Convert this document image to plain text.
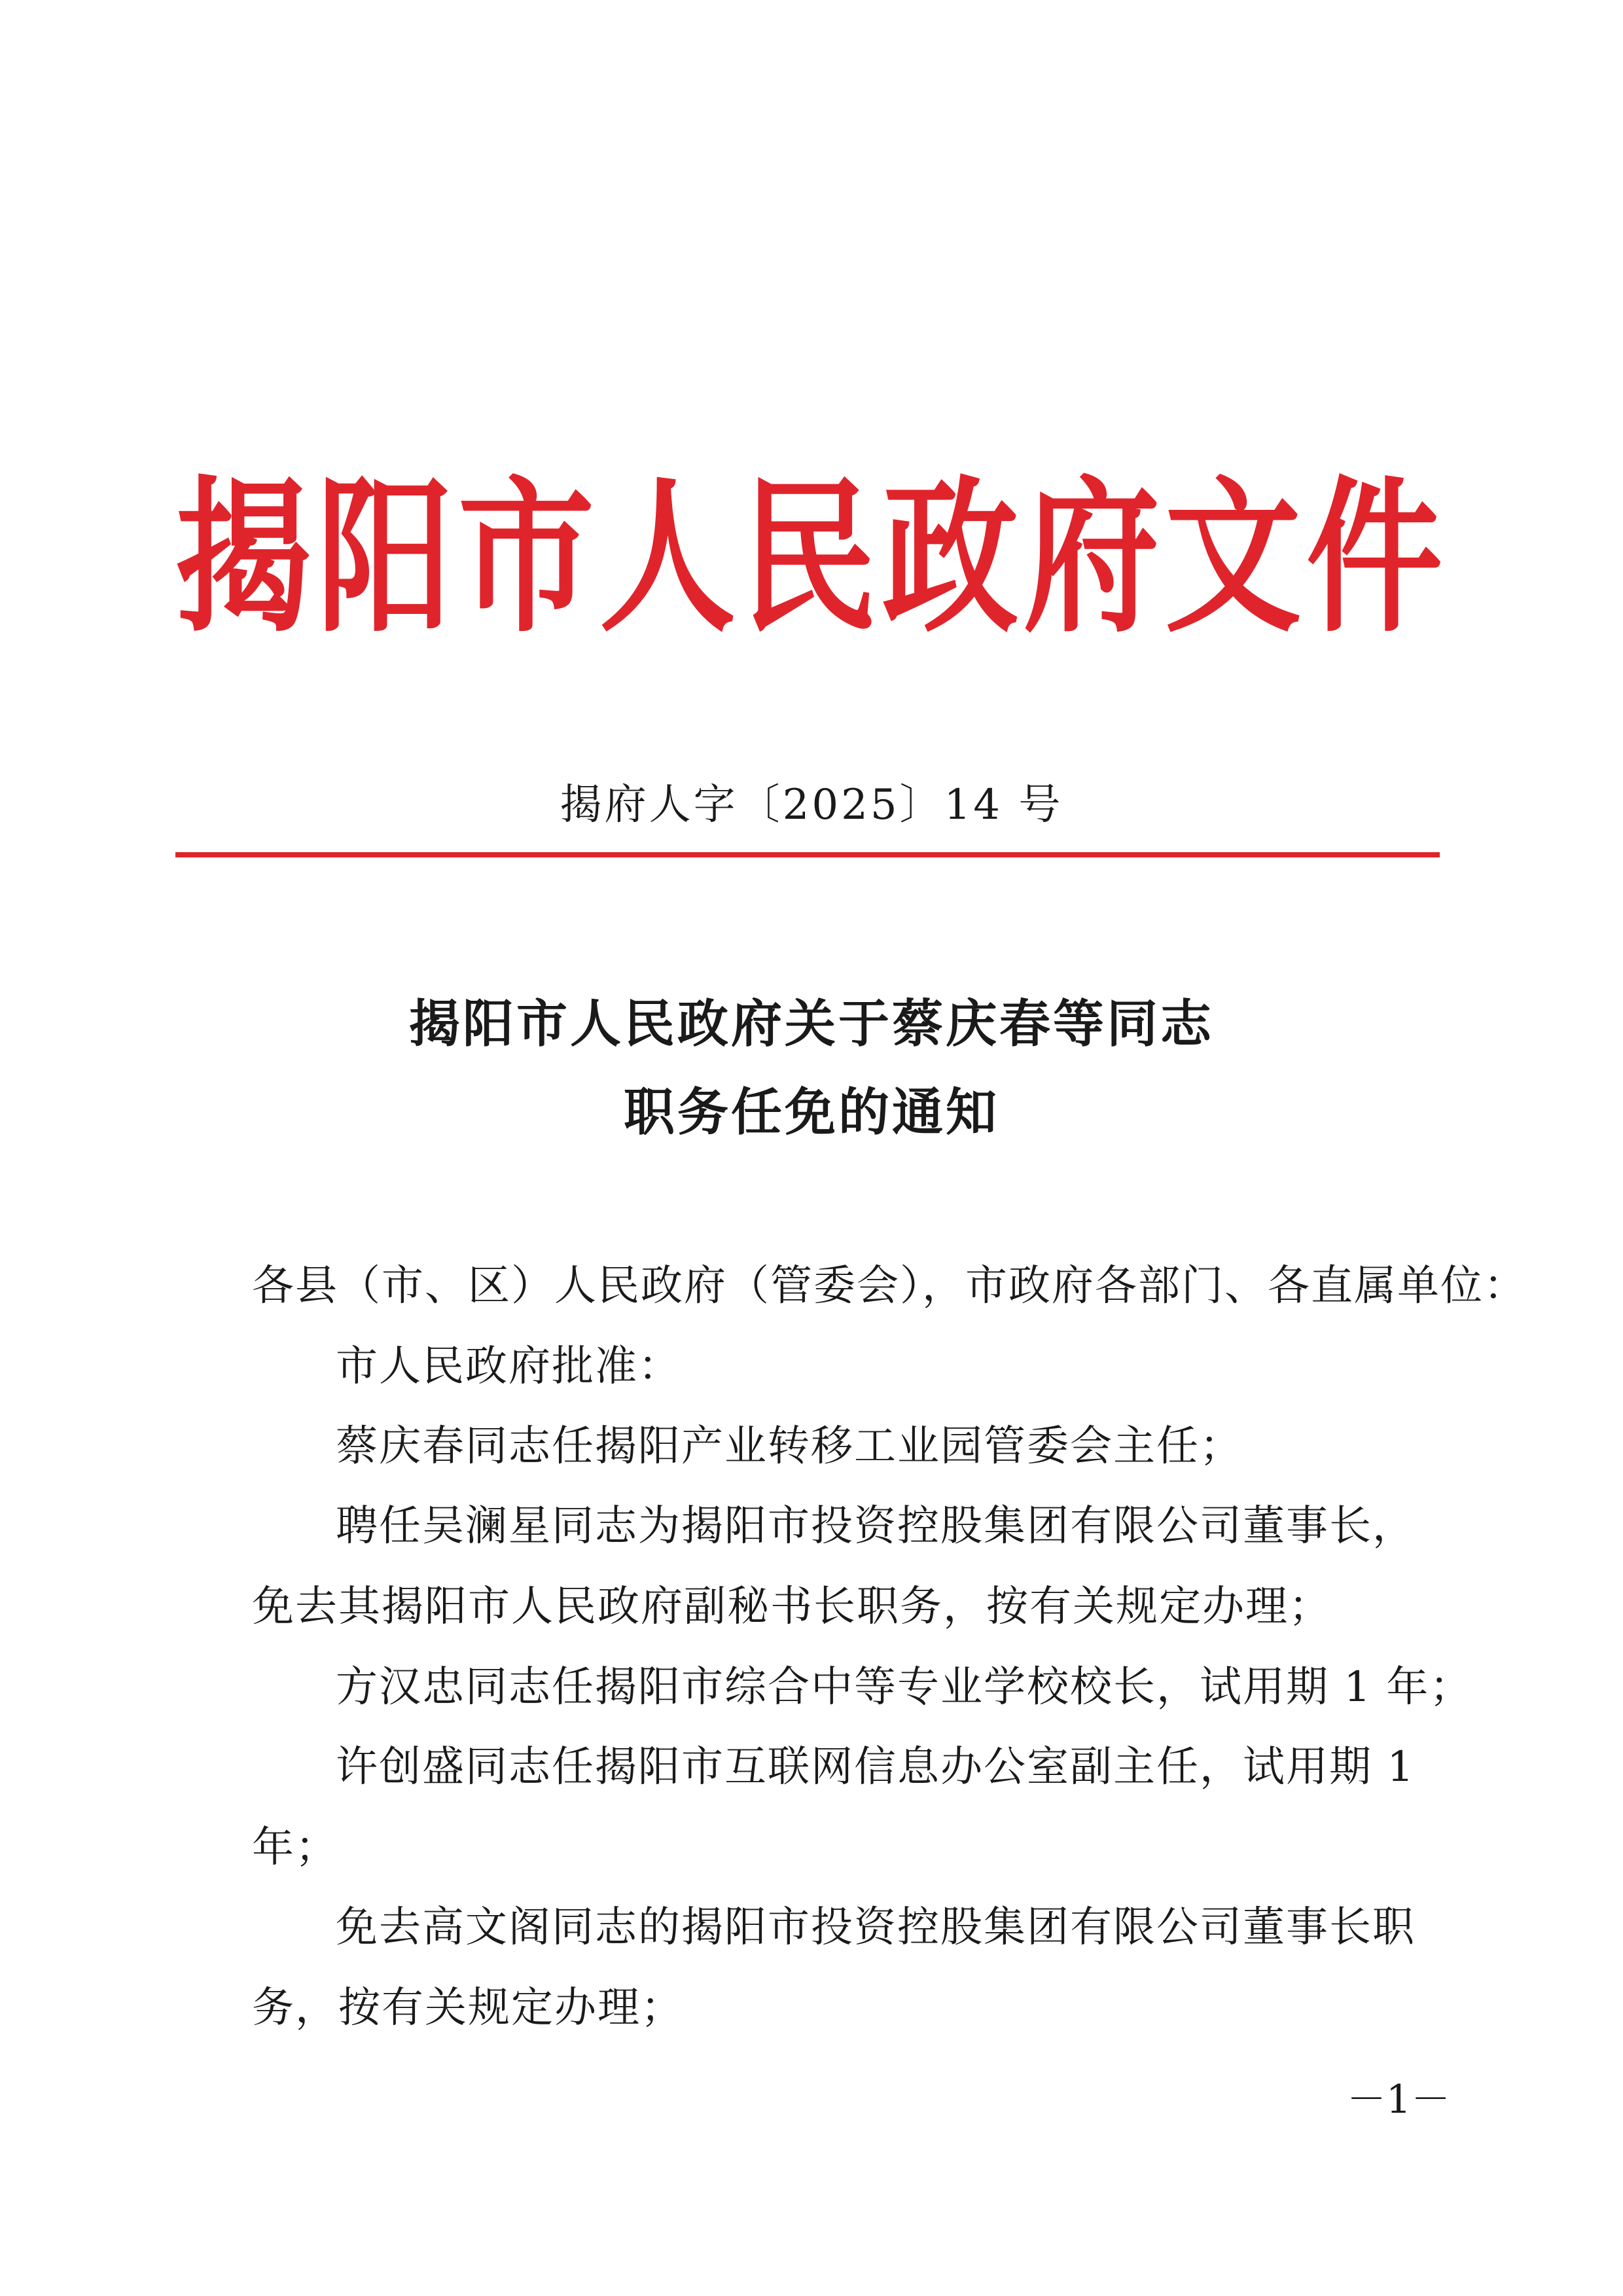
揭阳市人民政府文件
揭府人字〔2025〕14 号
揭阳市人民政府关于蔡庆春等同志
职务任免的通知
各县（市、区）人民政府（管委会），市政府各部门、各直属单位：
市人民政府批准：
蔡庆春同志任揭阳产业转移工业园管委会主任；
聘任吴澜星同志为揭阳市投资控股集团有限公司董事长，
免去其揭阳市人民政府副秘书长职务，按有关规定办理；
方汉忠同志任揭阳市综合中等专业学校校长，试用期 1 年；
许创盛同志任揭阳市互联网信息办公室副主任，试用期 1
年；
免去高文阁同志的揭阳市投资控股集团有限公司董事长职
务，按有关规定办理；
－1－
